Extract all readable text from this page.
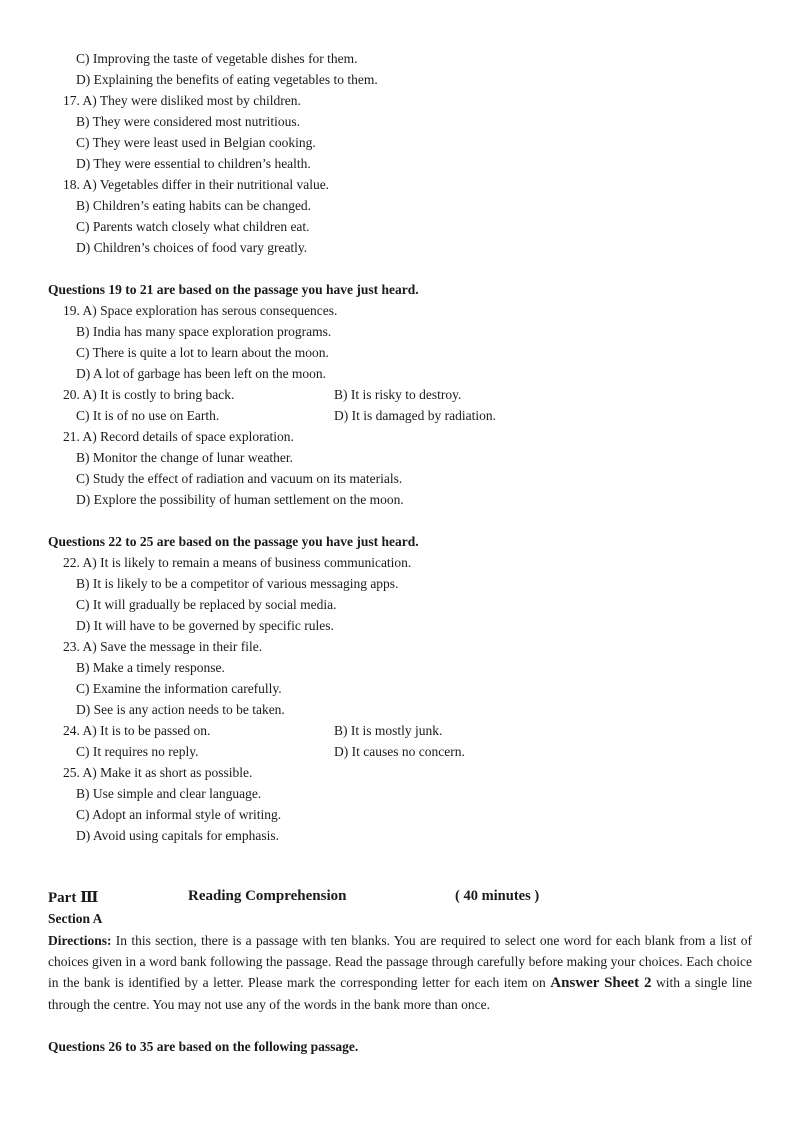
C) Improving the taste of vegetable dishes for them.
D) Explaining the benefits of eating vegetables to them.
17. A) They were disliked most by children.
B) They were considered most nutritious.
C) They were least used in Belgian cooking.
D) They were essential to children’s health.
18. A) Vegetables differ in their nutritional value.
B) Children’s eating habits can be changed.
C) Parents watch closely what children eat.
D) Children’s choices of food vary greatly.
Questions 19 to 21 are based on the passage you have just heard.
19. A) Space exploration has serous consequences.
B) India has many space exploration programs.
C) There is quite a lot to learn about the moon.
D) A lot of garbage has been left on the moon.
20. A) It is costly to bring back.	B) It is risky to destroy.
C) It is of no use on Earth.	D) It is damaged by radiation.
21. A) Record details of space exploration.
B) Monitor the change of lunar weather.
C) Study the effect of radiation and vacuum on its materials.
D) Explore the possibility of human settlement on the moon.
Questions 22 to 25 are based on the passage you have just heard.
22. A) It is likely to remain a means of business communication.
B) It is likely to be a competitor of various messaging apps.
C) It will gradually be replaced by social media.
D) It will have to be governed by specific rules.
23. A) Save the message in their file.
B) Make a timely response.
C) Examine the information carefully.
D) See is any action needs to be taken.
24. A) It is to be passed on.	B) It is mostly junk.
C) It requires no reply.	D) It causes no concern.
25. A) Make it as short as possible.
B) Use simple and clear language.
C) Adopt an informal style of writing.
D) Avoid using capitals for emphasis.
Part Ⅲ	Reading Comprehension	( 40 minutes )
Section A
Directions: In this section, there is a passage with ten blanks. You are required to select one word for each blank from a list of choices given in a word bank following the passage. Read the passage through carefully before making your choices. Each choice in the bank is identified by a letter. Please mark the corresponding letter for each item on Answer Sheet 2 with a single line through the centre. You may not use any of the words in the bank more than once.
Questions 26 to 35 are based on the following passage.
